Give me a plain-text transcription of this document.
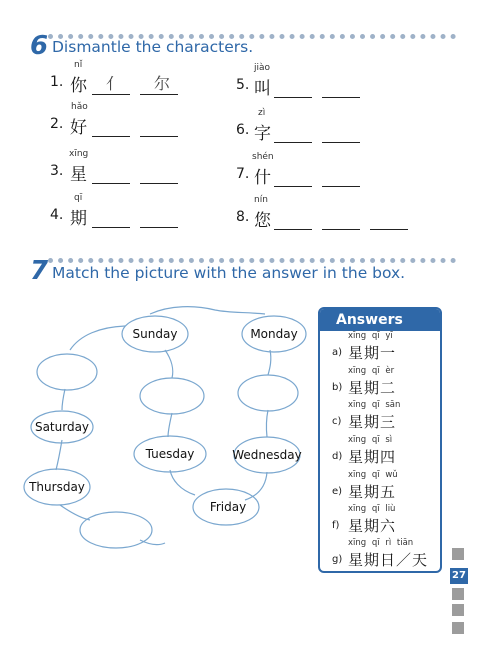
6 Dismantle the characters.
1.
nǐ
你 亻 尔
2.
hǎo
好
3.
xīng
星
4.
qī
期
5.
jiào
叫
6.
zì
字
7.
shén
什
8.
nín
您
7 Match the picture with the answer in the box.
Sunday	Monday
Saturday
Tuesday	Wednesday
Thursday
Friday
Answers
a)
xīng qī yī
星期一
b)
xīng qī èr
星期二
c)
xīng qī sān
星期三
d)
xīng qī sì
星期四
e)
xīng qī wǔ
星期五
f)
xīng qī liù
星期六
g)
xīng qī rì tiān
星期日／天
27
